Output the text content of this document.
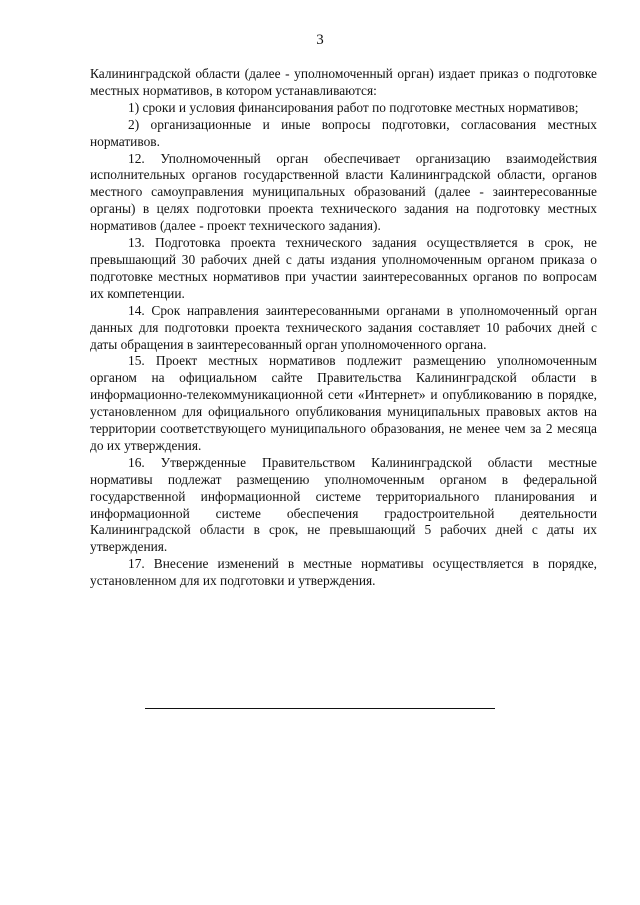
3

Калининградской области (далее - уполномоченный орган) издает приказ о подготовке местных нормативов, в котором устанавливаются:

1) сроки и условия финансирования работ по подготовке местных нормативов;

2) организационные и иные вопросы подготовки, согласования местных нормативов.

12. Уполномоченный орган обеспечивает организацию взаимодействия исполнительных органов государственной власти Калининградской области, органов местного самоуправления муниципальных образований (далее - заинтересованные органы) в целях подготовки проекта технического задания на подготовку местных нормативов (далее - проект технического задания).

13. Подготовка проекта технического задания осуществляется в срок, не превышающий 30 рабочих дней с даты издания уполномоченным органом приказа о подготовке местных нормативов при участии заинтересованных органов по вопросам их компетенции.

14. Срок направления заинтересованными органами в уполномоченный орган данных для подготовки проекта технического задания составляет 10 рабочих дней с даты обращения в заинтересованный орган уполномоченного органа.

15. Проект местных нормативов подлежит размещению уполномоченным органом на официальном сайте Правительства Калининградской области в информационно-телекоммуникационной сети «Интернет» и опубликованию в порядке, установленном для официального опубликования муниципальных правовых актов на территории соответствующего муниципального образования, не менее чем за 2 месяца до их утверждения.

16. Утвержденные Правительством Калининградской области местные нормативы подлежат размещению уполномоченным органом в федеральной государственной информационной системе территориального планирования и информационной системе обеспечения градостроительной деятельности Калининградской области в срок, не превышающий 5 рабочих дней с даты их утверждения.

17. Внесение изменений в местные нормативы осуществляется в порядке, установленном для их подготовки и утверждения.
